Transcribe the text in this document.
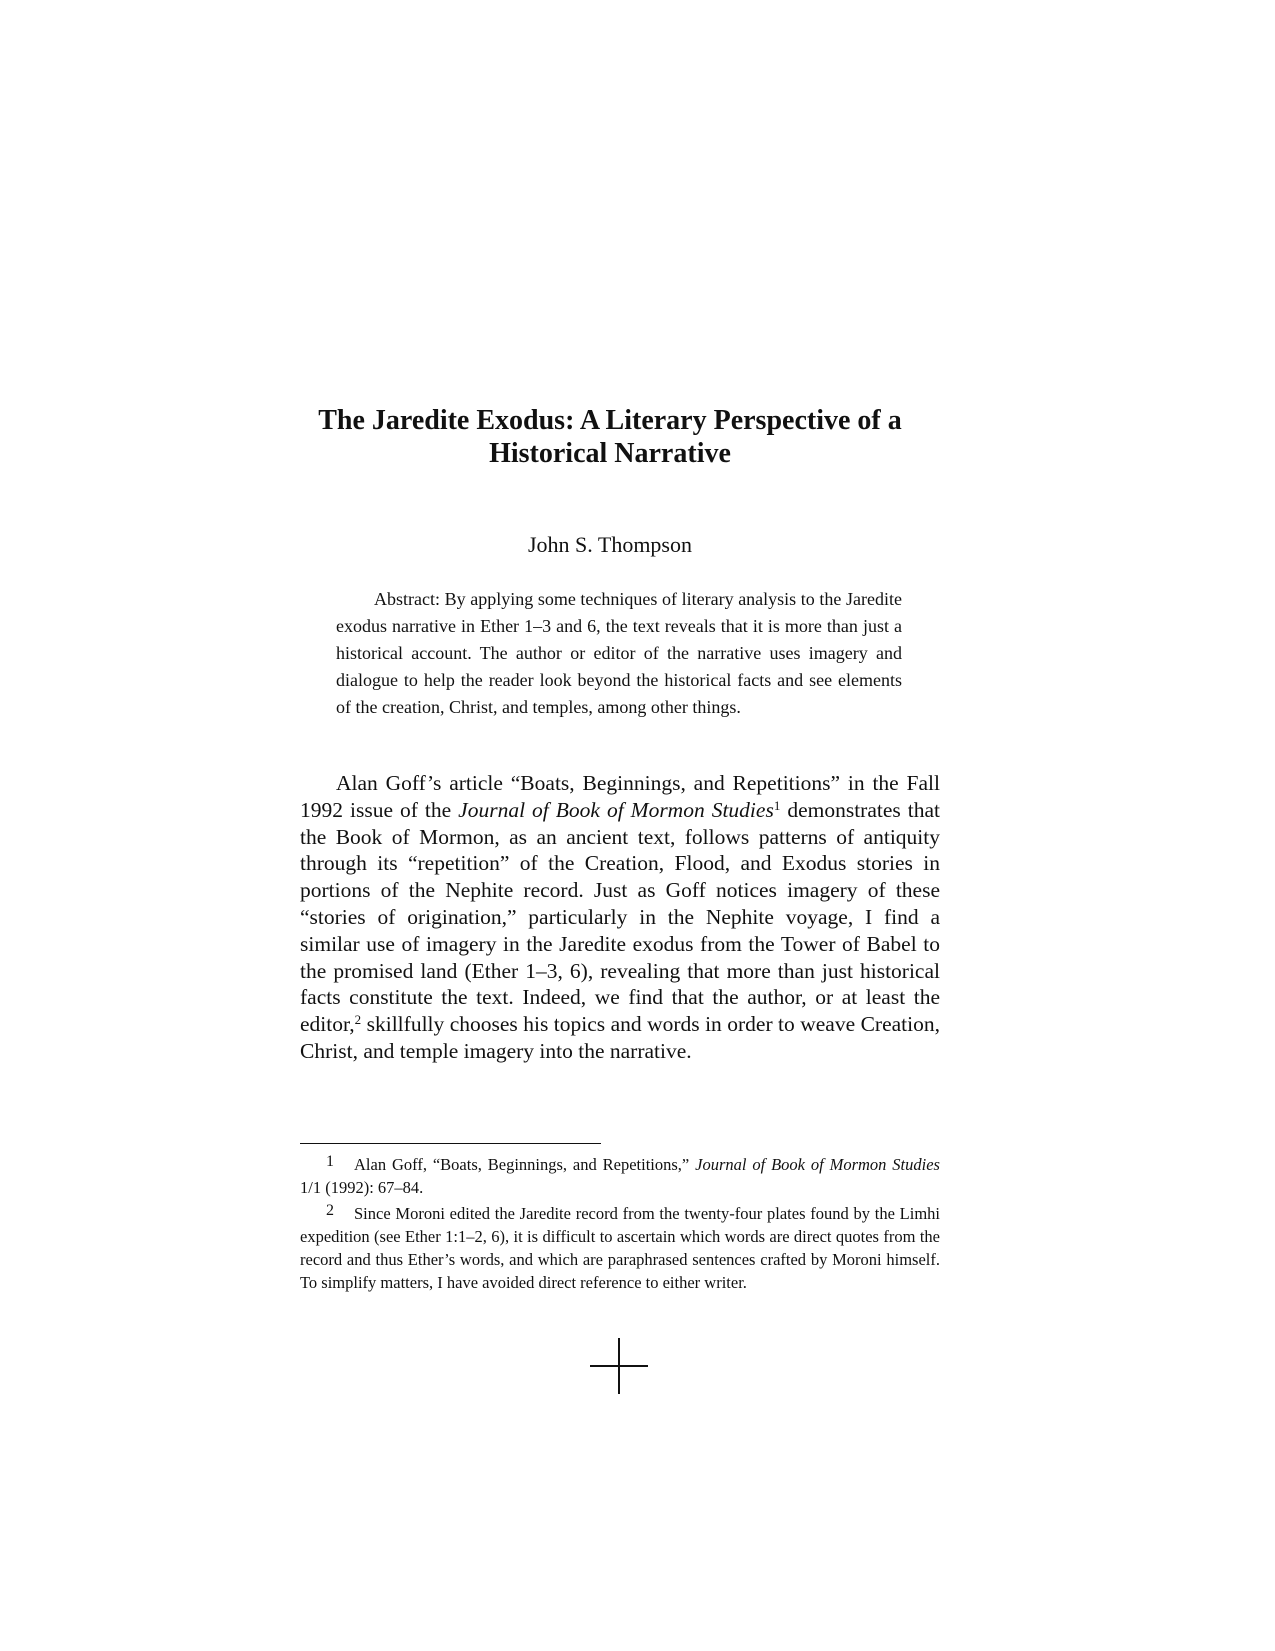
The Jaredite Exodus: A Literary Perspective of a
Historical Narrative
John S. Thompson

Abstract: By applying some techniques of literary analysis to the Jaredite exodus narrative in Ether 1–3 and 6, the text reveals that it is more than just a historical account. The author or editor of the narrative uses imagery and dialogue to help the reader look beyond the historical facts and see elements of the creation, Christ, and temples, among other things.

Alan Goff’s article “Boats, Beginnings, and Repetitions” in the Fall 1992 issue of the Journal of Book of Mormon Studies$^1$ demonstrates that the Book of Mormon, as an ancient text, follows patterns of antiquity through its “repetition” of the Creation, Flood, and Exodus stories in portions of the Nephite record. Just as Goff notices imagery of these “stories of origination,” particularly in the Nephite voyage, I find a similar use of imagery in the Jaredite exodus from the Tower of Babel to the promised land (Ether 1–3, 6), revealing that more than just historical facts constitute the text. Indeed, we find that the author, or at least the editor,$^2$ skillfully chooses his topics and words in order to weave Creation, Christ, and temple imagery into the narrative.

1 Alan Goff, “Boats, Beginnings, and Repetitions,” Journal of Book of Mormon Studies 1/1 (1992): 67–84.

2 Since Moroni edited the Jaredite record from the twenty-four plates found by the Limhi expedition (see Ether 1:1–2, 6), it is difficult to ascertain which words are direct quotes from the record and thus Ether’s words, and which are paraphrased sentences crafted by Moroni himself. To simplify matters, I have avoided direct reference to either writer.
